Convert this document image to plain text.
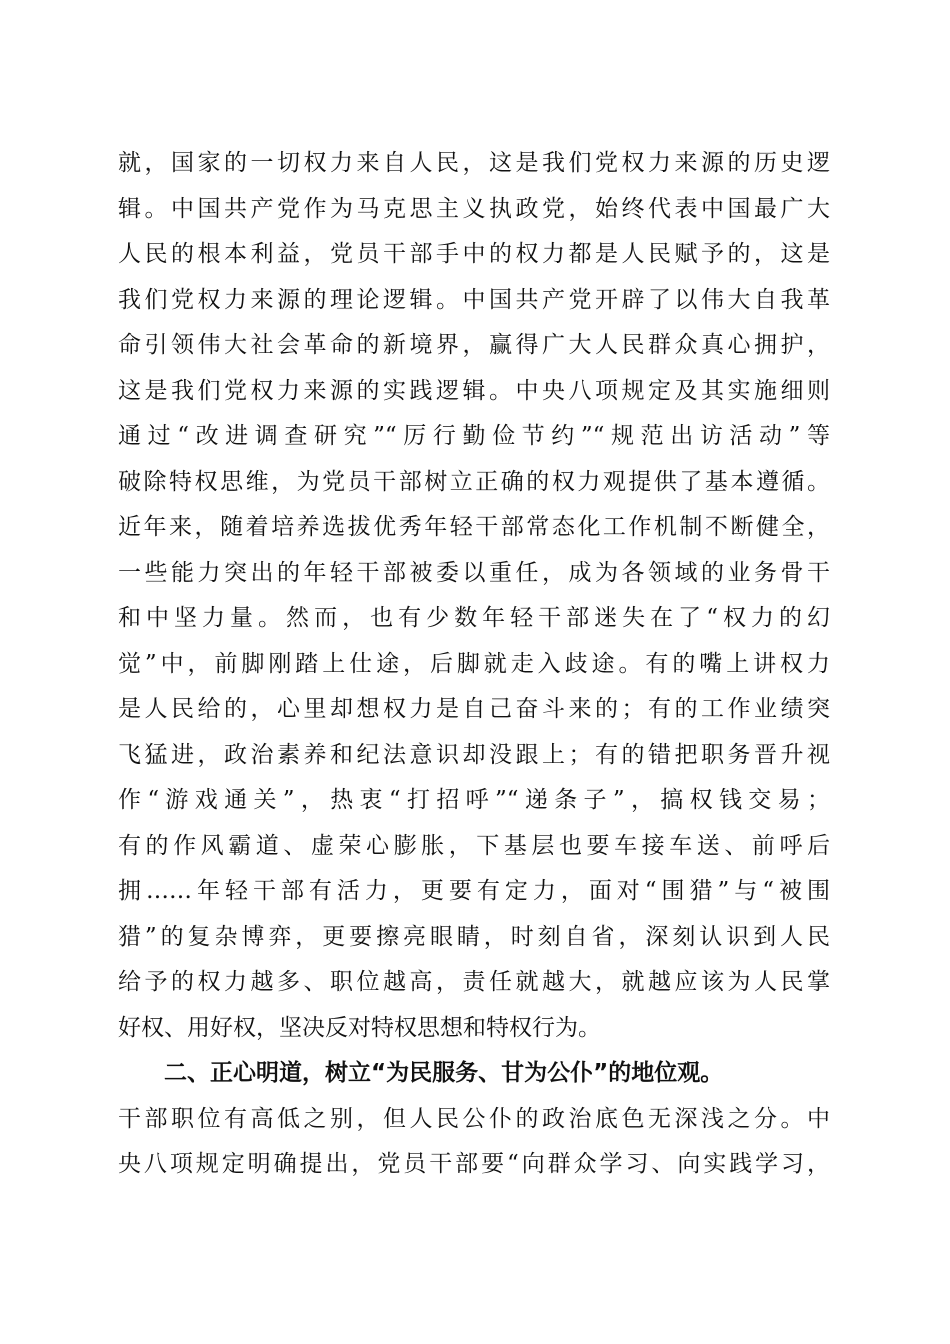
就，国家的一切权力来自人民，这是我们党权力来源的历史逻
辑。中国共产党作为马克思主义执政党，始终代表中国最广大
人民的根本利益，党员干部手中的权力都是人民赋予的，这是
我们党权力来源的理论逻辑。中国共产党开辟了以伟大自我革
命引领伟大社会革命的新境界，赢得广大人民群众真心拥护，
这是我们党权力来源的实践逻辑。中央八项规定及其实施细则
通过“改进调查研究”“厉行勤俭节约”“规范出访活动”等
破除特权思维，为党员干部树立正确的权力观提供了基本遵循。
近年来，随着培养选拔优秀年轻干部常态化工作机制不断健全，
一些能力突出的年轻干部被委以重任，成为各领域的业务骨干
和中坚力量。然而，也有少数年轻干部迷失在了“权力的幻
觉”中，前脚刚踏上仕途，后脚就走入歧途。有的嘴上讲权力
是人民给的，心里却想权力是自己奋斗来的；有的工作业绩突
飞猛进，政治素养和纪法意识却没跟上；有的错把职务晋升视
作“游戏通关”，热衷“打招呼”“递条子”，搞权钱交易；
有的作风霸道、虚荣心膨胀，下基层也要车接车送、前呼后
拥……年轻干部有活力，更要有定力，面对“围猎”与“被围
猎”的复杂博弈，更要擦亮眼睛，时刻自省，深刻认识到人民
给予的权力越多、职位越高，责任就越大，就越应该为人民掌
好权、用好权，坚决反对特权思想和特权行为。
二、正心明道，树立“为民服务、甘为公仆”的地位观。
干部职位有高低之别，但人民公仆的政治底色无深浅之分。中
央八项规定明确提出，党员干部要“向群众学习、向实践学习，
